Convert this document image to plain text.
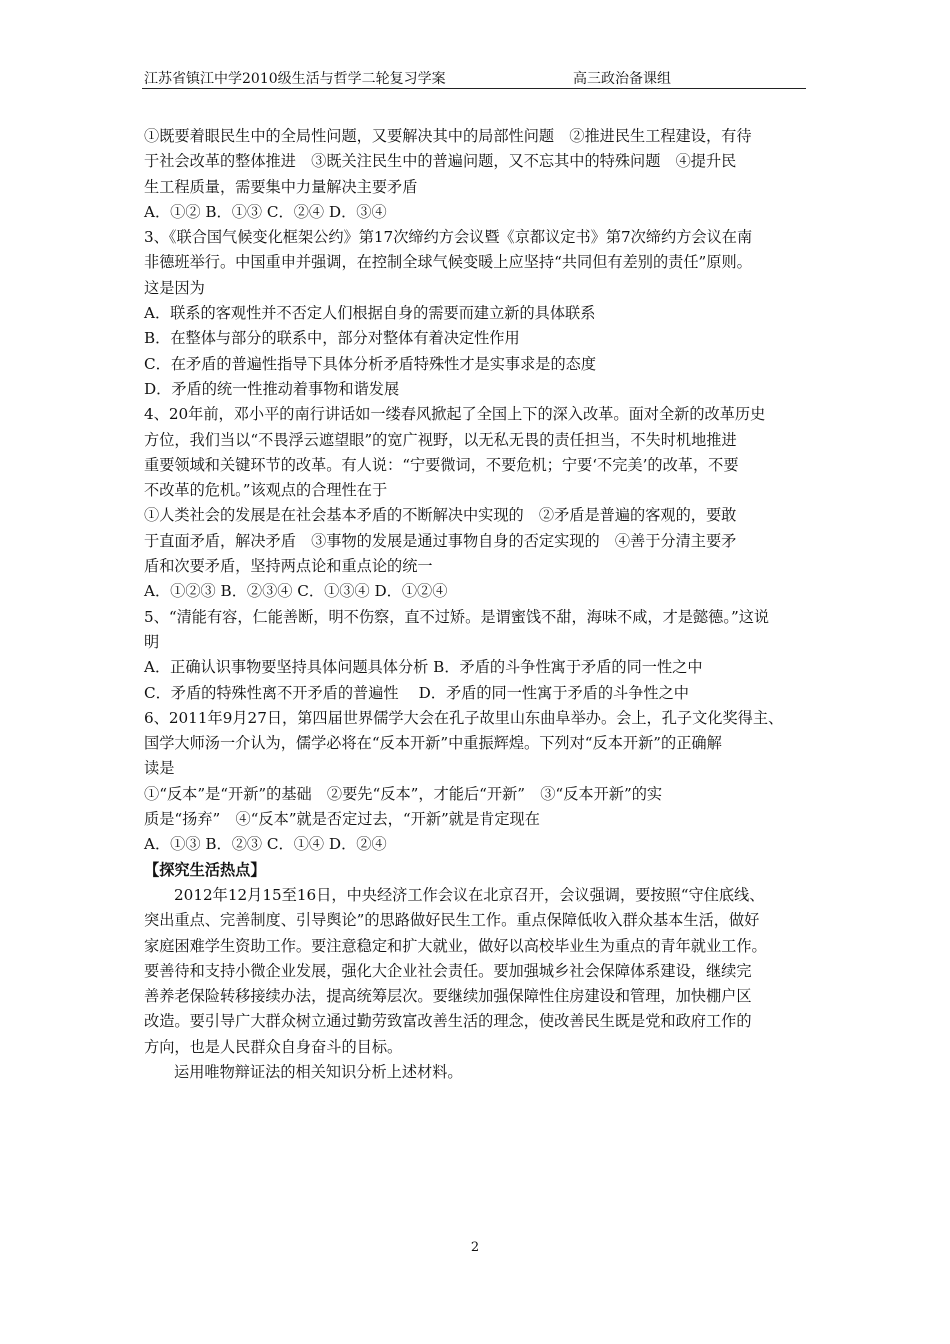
江苏省镇江中学2010级生活与哲学二轮复习学案	高三政治备课组
①既要着眼民生中的全局性问题，又要解决其中的局部性问题　②推进民生工程建设，有待
于社会改革的整体推进　③既关注民生中的普遍问题，又不忘其中的特殊问题　④提升民
生工程质量，需要集中力量解决主要矛盾
A．①② B．①③ C．②④ D．③④
3、《联合国气候变化框架公约》第17次缔约方会议暨《京都议定书》第7次缔约方会议在南
非德班举行。中国重申并强调，在控制全球气候变暖上应坚持“共同但有差别的责任”原则。
这是因为
A．联系的客观性并不否定人们根据自身的需要而建立新的具体联系
B．在整体与部分的联系中，部分对整体有着决定性作用
C．在矛盾的普遍性指导下具体分析矛盾特殊性才是实事求是的态度
D．矛盾的统一性推动着事物和谐发展
4、20年前，邓小平的南行讲话如一缕春风掀起了全国上下的深入改革。面对全新的改革历史
方位，我们当以“不畏浮云遮望眼”的宽广视野，以无私无畏的责任担当，不失时机地推进
重要领域和关键环节的改革。有人说：“宁要微词，不要危机；宁要‘不完美’的改革，不要
不改革的危机。”该观点的合理性在于
①人类社会的发展是在社会基本矛盾的不断解决中实现的　②矛盾是普遍的客观的，要敢
于直面矛盾，解决矛盾　③事物的发展是通过事物自身的否定实现的　④善于分清主要矛
盾和次要矛盾，坚持两点论和重点论的统一
A．①②③ B．②③④ C．①③④ D．①②④
5、“清能有容，仁能善断，明不伤察，直不过矫。是谓蜜饯不甜，海味不咸，才是懿德。”这说
明
A．正确认识事物要坚持具体问题具体分析 B．矛盾的斗争性寓于矛盾的同一性之中
C．矛盾的特殊性离不开矛盾的普遍性　 D．矛盾的同一性寓于矛盾的斗争性之中
6、2011年9月27日，第四届世界儒学大会在孔子故里山东曲阜举办。会上，孔子文化奖得主、
国学大师汤一介认为，儒学必将在“反本开新”中重振辉煌。下列对“反本开新”的正确解
读是
①“反本”是“开新”的基础　②要先“反本”，才能后“开新”　③“反本开新”的实
质是“扬弃”　④“反本”就是否定过去，“开新”就是肯定现在
A．①③ B．②③ C．①④ D．②④
【探究生活热点】
2012年12月15至16日，中央经济工作会议在北京召开，会议强调，要按照“守住底线、
突出重点、完善制度、引导舆论”的思路做好民生工作。重点保障低收入群众基本生活，做好
家庭困难学生资助工作。要注意稳定和扩大就业，做好以高校毕业生为重点的青年就业工作。
要善待和支持小微企业发展，强化大企业社会责任。要加强城乡社会保障体系建设，继续完
善养老保险转移接续办法，提高统筹层次。要继续加强保障性住房建设和管理，加快棚户区
改造。要引导广大群众树立通过勤劳致富改善生活的理念，使改善民生既是党和政府工作的
方向，也是人民群众自身奋斗的目标。
运用唯物辩证法的相关知识分析上述材料。
2
